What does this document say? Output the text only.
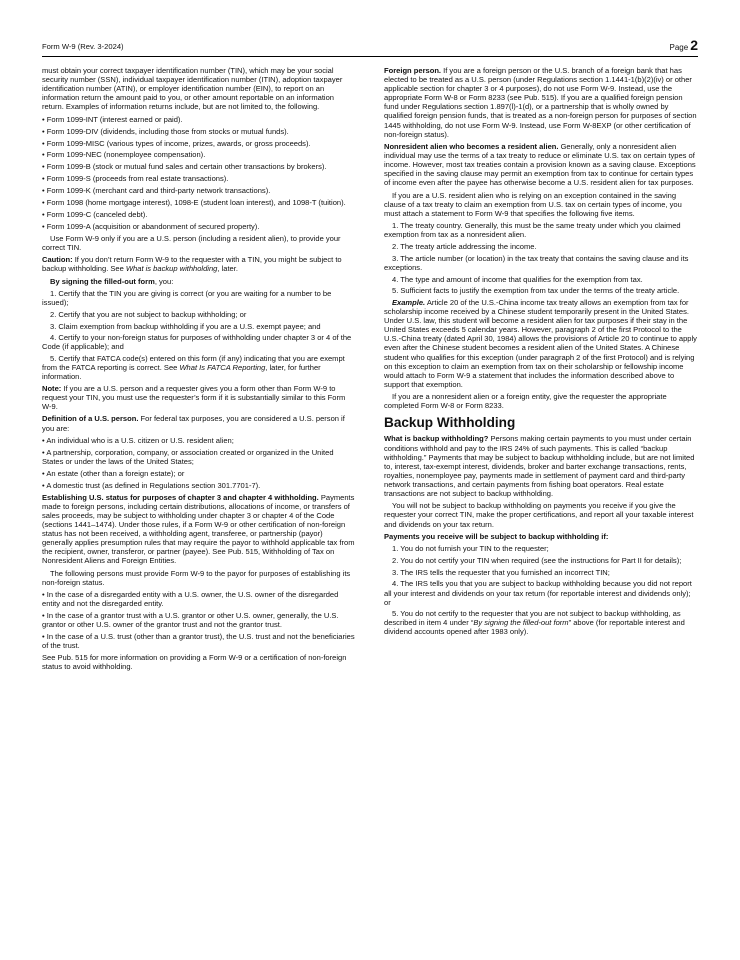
Form W-9 (Rev. 3-2024)	Page 2

must obtain your correct taxpayer identification number (TIN), which may be your social security number (SSN), individual taxpayer identification number (ITIN), adoption taxpayer identification number (ATIN), or employer identification number (EIN), to report on an information return the amount paid to you, or other amount reportable on an information return. Examples of information returns include, but are not limited to, the following.

• Form 1099-INT (interest earned or paid).

• Form 1099-DIV (dividends, including those from stocks or mutual funds).

• Form 1099-MISC (various types of income, prizes, awards, or gross proceeds).

• Form 1099-NEC (nonemployee compensation).

• Form 1099-B (stock or mutual fund sales and certain other transactions by brokers).

• Form 1099-S (proceeds from real estate transactions).

• Form 1099-K (merchant card and third-party network transactions).

• Form 1098 (home mortgage interest), 1098-E (student loan interest), and 1098-T (tuition).

• Form 1099-C (canceled debt).

• Form 1099-A (acquisition or abandonment of secured property).

Use Form W-9 only if you are a U.S. person (including a resident alien), to provide your correct TIN.

Caution: If you don’t return Form W-9 to the requester with a TIN, you might be subject to backup withholding. See What is backup withholding, later.

By signing the filled-out form, you:

1. Certify that the TIN you are giving is correct (or you are waiting for a number to be issued);

2. Certify that you are not subject to backup withholding; or

3. Claim exemption from backup withholding if you are a U.S. exempt payee; and

4. Certify to your non-foreign status for purposes of withholding under chapter 3 or 4 of the Code (if applicable); and

5. Certify that FATCA code(s) entered on this form (if any) indicating that you are exempt from the FATCA reporting is correct. See What Is FATCA Reporting, later, for further information.

Note: If you are a U.S. person and a requester gives you a form other than Form W-9 to request your TIN, you must use the requester’s form if it is substantially similar to this Form W-9.

Definition of a U.S. person. For federal tax purposes, you are considered a U.S. person if you are:

• An individual who is a U.S. citizen or U.S. resident alien;

• A partnership, corporation, company, or association created or organized in the United States or under the laws of the United States;

• An estate (other than a foreign estate); or

• A domestic trust (as defined in Regulations section 301.7701-7).

Establishing U.S. status for purposes of chapter 3 and chapter 4 withholding. Payments made to foreign persons, including certain distributions, allocations of income, or transfers of sales proceeds, may be subject to withholding under chapter 3 or chapter 4 of the Code (sections 1441–1474). Under those rules, if a Form W-9 or other certification of non-foreign status has not been received, a withholding agent, transferee, or partnership (payor) generally applies presumption rules that may require the payor to withhold applicable tax from the recipient, owner, transferor, or partner (payee). See Pub. 515, Withholding of Tax on Nonresident Aliens and Foreign Entities.

The following persons must provide Form W-9 to the payor for purposes of establishing its non-foreign status.

• In the case of a disregarded entity with a U.S. owner, the U.S. owner of the disregarded entity and not the disregarded entity.

• In the case of a grantor trust with a U.S. grantor or other U.S. owner, generally, the U.S. grantor or other U.S. owner of the grantor trust and not the grantor trust.

• In the case of a U.S. trust (other than a grantor trust), the U.S. trust and not the beneficiaries of the trust.

See Pub. 515 for more information on providing a Form W-9 or a certification of non-foreign status to avoid withholding.

Foreign person. If you are a foreign person or the U.S. branch of a foreign bank that has elected to be treated as a U.S. person (under Regulations section 1.1441-1(b)(2)(iv) or other applicable section for chapter 3 or 4 purposes), do not use Form W-9. Instead, use the appropriate Form W-8 or Form 8233 (see Pub. 515). If you are a qualified foreign pension fund under Regulations section 1.897(l)-1(d), or a partnership that is wholly owned by qualified foreign pension funds, that is treated as a non-foreign person for purposes of section 1445 withholding, do not use Form W-9. Instead, use Form W-8EXP (or other certification of non-foreign status).

Nonresident alien who becomes a resident alien. Generally, only a nonresident alien individual may use the terms of a tax treaty to reduce or eliminate U.S. tax on certain types of income. However, most tax treaties contain a provision known as a saving clause. Exceptions specified in the saving clause may permit an exemption from tax to continue for certain types of income even after the payee has otherwise become a U.S. resident alien for tax purposes.

If you are a U.S. resident alien who is relying on an exception contained in the saving clause of a tax treaty to claim an exemption from U.S. tax on certain types of income, you must attach a statement to Form W-9 that specifies the following five items.

1. The treaty country. Generally, this must be the same treaty under which you claimed exemption from tax as a nonresident alien.

2. The treaty article addressing the income.

3. The article number (or location) in the tax treaty that contains the saving clause and its exceptions.

4. The type and amount of income that qualifies for the exemption from tax.

5. Sufficient facts to justify the exemption from tax under the terms of the treaty article.

Example. Article 20 of the U.S.-China income tax treaty allows an exemption from tax for scholarship income received by a Chinese student temporarily present in the United States. Under U.S. law, this student will become a resident alien for tax purposes if their stay in the United States exceeds 5 calendar years. However, paragraph 2 of the first Protocol to the U.S.-China treaty (dated April 30, 1984) allows the provisions of Article 20 to continue to apply even after the Chinese student becomes a resident alien of the United States. A Chinese student who qualifies for this exception (under paragraph 2 of the first Protocol) and is relying on this exception to claim an exemption from tax on their scholarship or fellowship income would attach to Form W-9 a statement that includes the information described above to support that exemption.

If you are a nonresident alien or a foreign entity, give the requester the appropriate completed Form W-8 or Form 8233.

Backup Withholding

What is backup withholding? Persons making certain payments to you must under certain conditions withhold and pay to the IRS 24% of such payments. This is called “backup withholding.” Payments that may be subject to backup withholding include, but are not limited to, interest, tax-exempt interest, dividends, broker and barter exchange transactions, rents, royalties, nonemployee pay, payments made in settlement of payment card and third-party network transactions, and certain payments from fishing boat operators. Real estate transactions are not subject to backup withholding.

You will not be subject to backup withholding on payments you receive if you give the requester your correct TIN, make the proper certifications, and report all your taxable interest and dividends on your tax return.

Payments you receive will be subject to backup withholding if:

1. You do not furnish your TIN to the requester;

2. You do not certify your TIN when required (see the instructions for Part II for details);

3. The IRS tells the requester that you furnished an incorrect TIN;

4. The IRS tells you that you are subject to backup withholding because you did not report all your interest and dividends on your tax return (for reportable interest and dividends only); or

5. You do not certify to the requester that you are not subject to backup withholding, as described in item 4 under “By signing the filled-out form” above (for reportable interest and dividend accounts opened after 1983 only).
